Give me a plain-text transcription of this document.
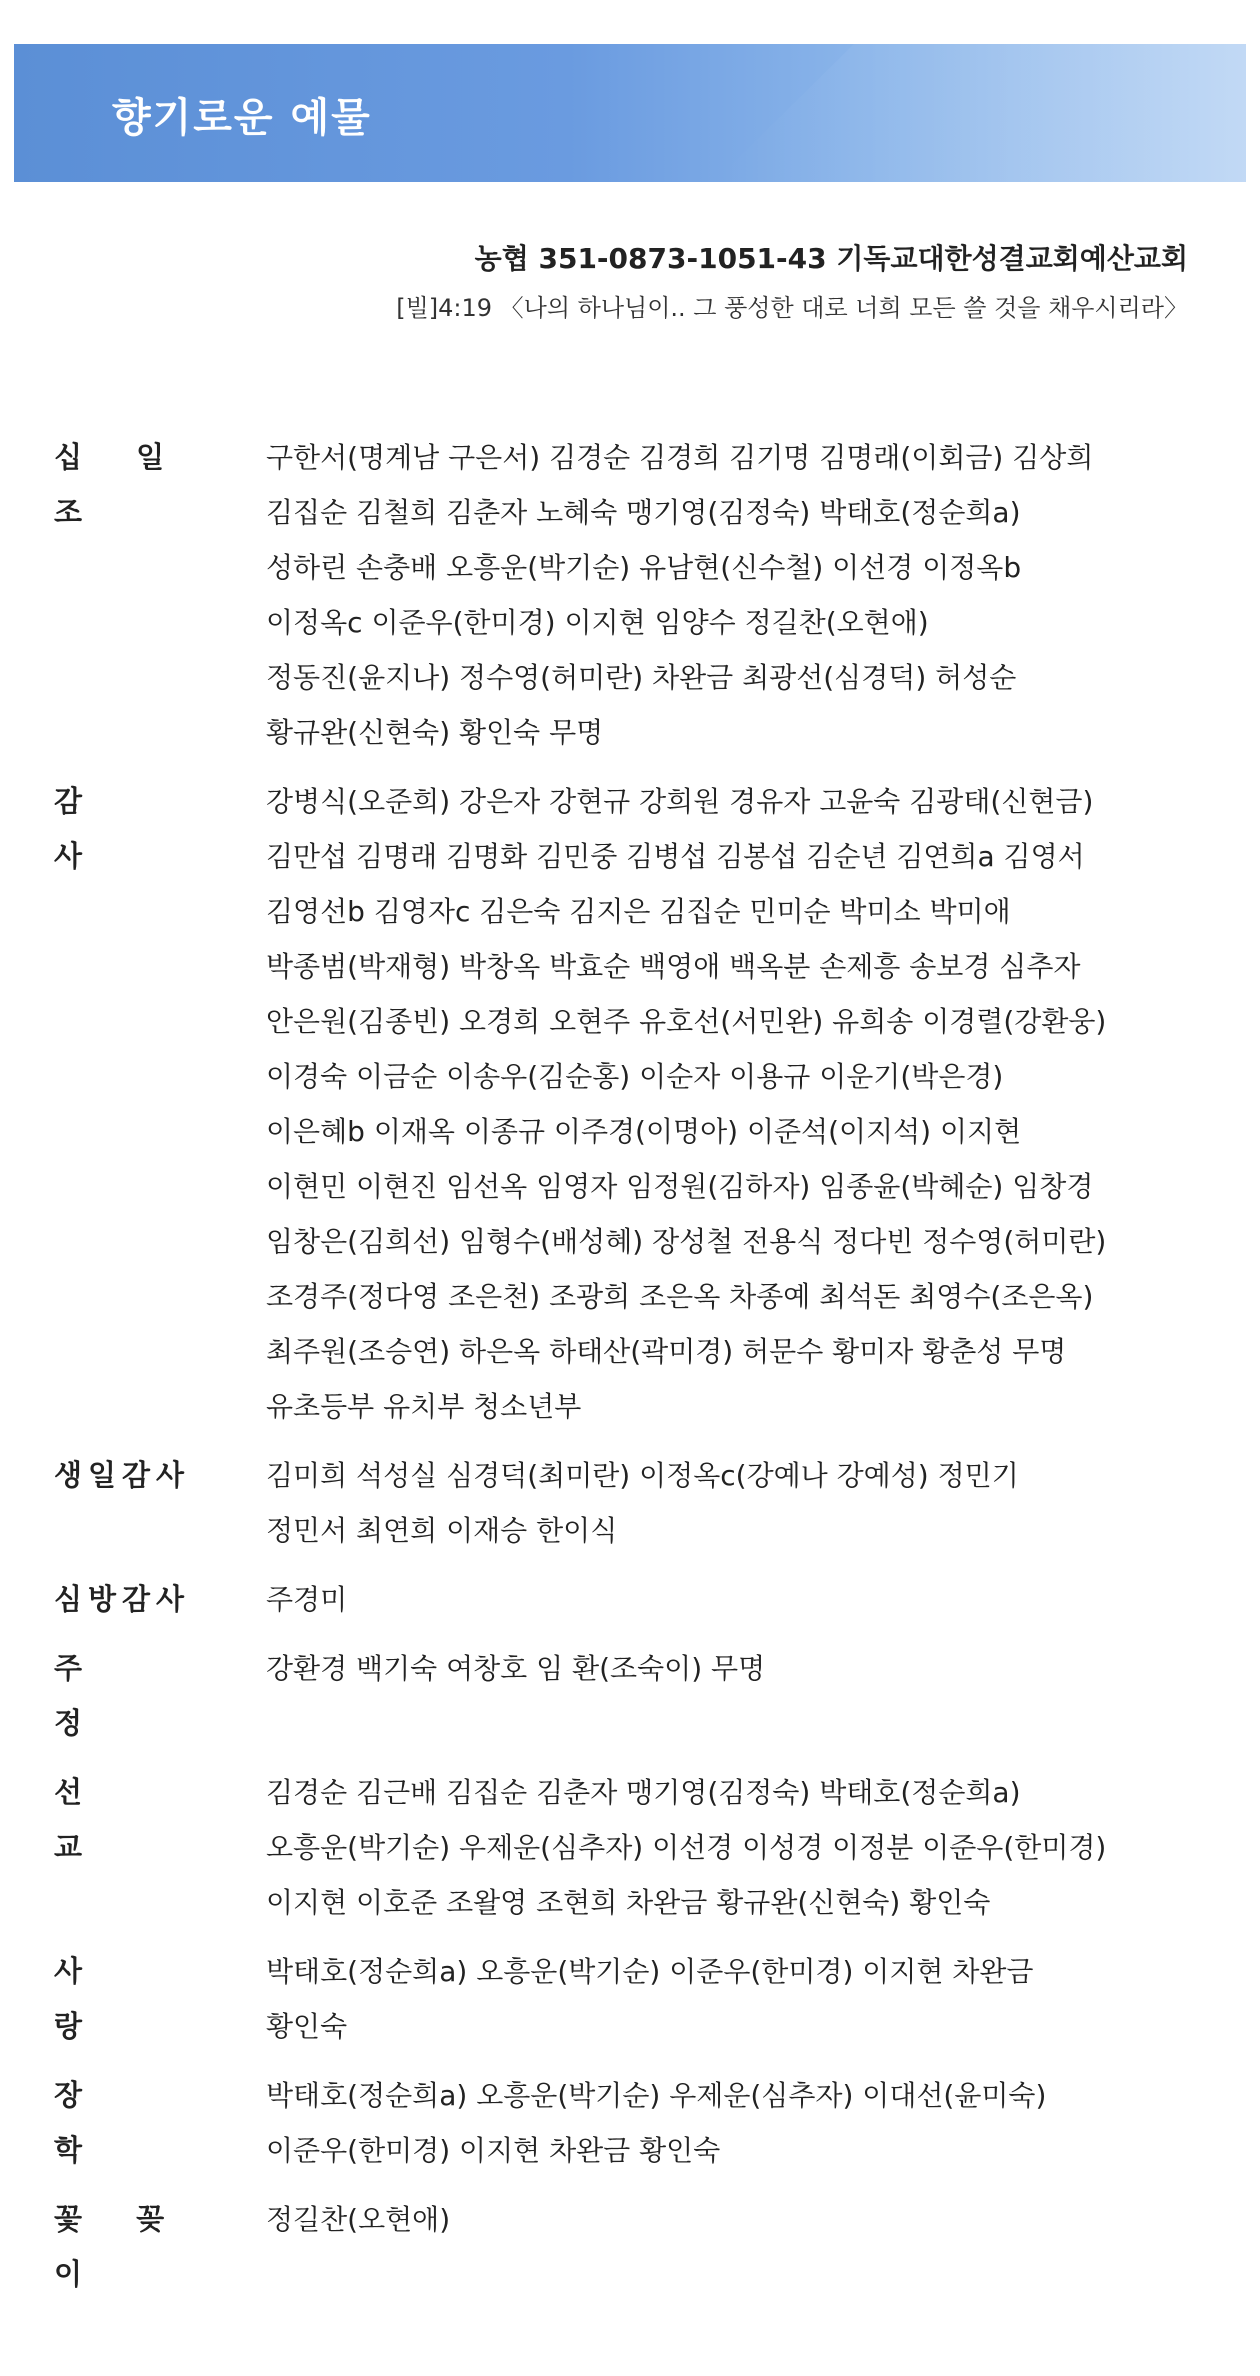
향기로운 예물
농협 351-0873-1051-43 기독교대한성결교회예산교회
[빌]4:19 〈나의 하나님이.. 그 풍성한 대로 너희 모든 쓸 것을 채우시리라〉
십 일 조
구한서(명계남 구은서) 김경순 김경희 김기명 김명래(이회금) 김상희
김집순 김철희 김춘자 노혜숙 맹기영(김정숙) 박태호(정순희a)
성하린 손충배 오흥운(박기순) 유남현(신수철) 이선경 이정옥b
이정옥c 이준우(한미경) 이지현 임양수 정길찬(오현애)
정동진(윤지나) 정수영(허미란) 차완금 최광선(심경덕) 허성순
황규완(신현숙) 황인숙 무명
감 사
강병식(오준희) 강은자 강현규 강희원 경유자 고윤숙 김광태(신현금)
김만섭 김명래 김명화 김민중 김병섭 김봉섭 김순년 김연희a 김영서
김영선b 김영자c 김은숙 김지은 김집순 민미순 박미소 박미애
박종범(박재형) 박창옥 박효순 백영애 백옥분 손제흥 송보경 심추자
안은원(김종빈) 오경희 오현주 유호선(서민완) 유희송 이경렬(강환웅)
이경숙 이금순 이송우(김순홍) 이순자 이용규 이운기(박은경)
이은혜b 이재옥 이종규 이주경(이명아) 이준석(이지석) 이지현
이현민 이현진 임선옥 임영자 임정원(김하자) 임종윤(박혜순) 임창경
임창은(김희선) 임형수(배성혜) 장성철 전용식 정다빈 정수영(허미란)
조경주(정다영 조은천) 조광희 조은옥 차종예 최석돈 최영수(조은옥)
최주원(조승연) 하은옥 하태산(곽미경) 허문수 황미자 황춘성 무명
유초등부 유치부 청소년부
생일감사	김미희 석성실 심경덕(최미란) 이정옥c(강예나 강예성) 정민기
정민서 최연희 이재승 한이식
심방감사	주경미
주 정
강환경 백기숙 여창호 임 환(조숙이) 무명
선 교
김경순 김근배 김집순 김춘자 맹기영(김정숙) 박태호(정순희a)
오흥운(박기순) 우제운(심추자) 이선경 이성경 이정분 이준우(한미경)
이지현 이호준 조왈영 조현희 차완금 황규완(신현숙) 황인숙
사 랑
박태호(정순희a) 오흥운(박기순) 이준우(한미경) 이지현 차완금
황인숙
장 학
박태호(정순희a) 오흥운(박기순) 우제운(심추자) 이대선(윤미숙)
이준우(한미경) 이지현 차완금 황인숙
꽃 꽂 이
정길찬(오현애)
